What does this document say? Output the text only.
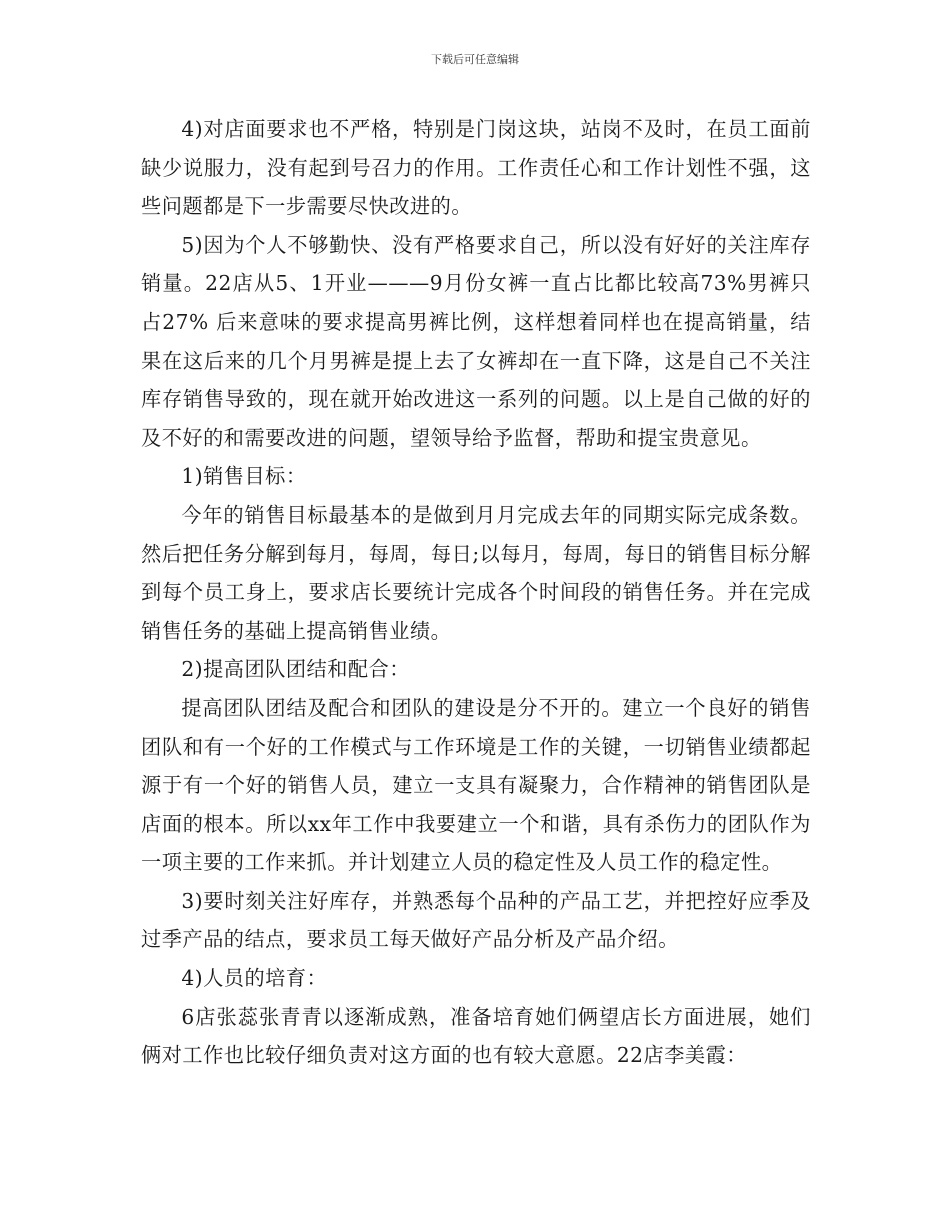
下载后可任意编辑

4)对店面要求也不严格，特别是门岗这块，站岗不及时，在员工面前缺少说服力，没有起到号召力的作用。工作责任心和工作计划性不强，这些问题都是下一步需要尽快改进的。

5)因为个人不够勤快、没有严格要求自己，所以没有好好的关注库存销量。22店从5、1开业———9月份女裤一直占比都比较高73%男裤只占27% 后来意味的要求提高男裤比例，这样想着同样也在提高销量，结果在这后来的几个月男裤是提上去了女裤却在一直下降，这是自己不关注库存销售导致的，现在就开始改进这一系列的问题。以上是自己做的好的及不好的和需要改进的问题，望领导给予监督，帮助和提宝贵意见。

1)销售目标：

今年的销售目标最基本的是做到月月完成去年的同期实际完成条数。然后把任务分解到每月，每周，每日;以每月，每周，每日的销售目标分解到每个员工身上，要求店长要统计完成各个时间段的销售任务。并在完成销售任务的基础上提高销售业绩。

2)提高团队团结和配合：

提高团队团结及配合和团队的建设是分不开的。建立一个良好的销售团队和有一个好的工作模式与工作环境是工作的关键，一切销售业绩都起源于有一个好的销售人员，建立一支具有凝聚力，合作精神的销售团队是店面的根本。所以xx年工作中我要建立一个和谐，具有杀伤力的团队作为一项主要的工作来抓。并计划建立人员的稳定性及人员工作的稳定性。

3)要时刻关注好库存，并熟悉每个品种的产品工艺，并把控好应季及过季产品的结点，要求员工每天做好产品分析及产品介绍。

4)人员的培育：

6店张蕊张青青以逐渐成熟，准备培育她们俩望店长方面进展，她们俩对工作也比较仔细负责对这方面的也有较大意愿。22店李美霞：
